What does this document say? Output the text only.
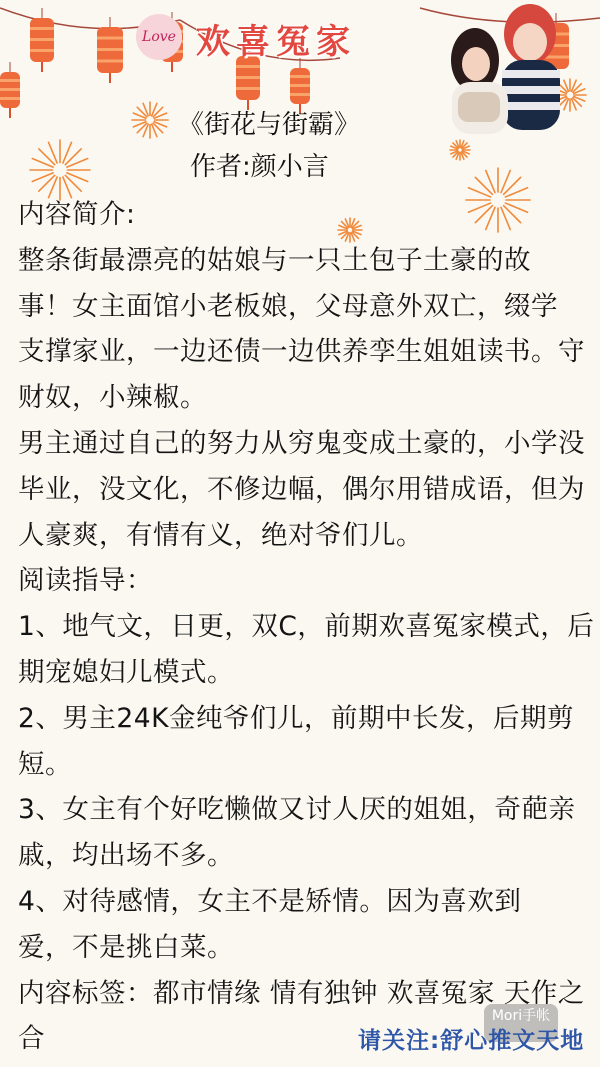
Love 欢喜冤家
《街花与街霸》
作者:颜小言
内容简介:
整条街最漂亮的姑娘与一只土包子土豪的故
事！女主面馆小老板娘，父母意外双亡，缀学
支撑家业，一边还债一边供养孪生姐姐读书。守
财奴，小辣椒。
男主通过自己的努力从穷鬼变成土豪的，小学没
毕业，没文化，不修边幅，偶尔用错成语，但为
人豪爽，有情有义，绝对爷们儿。
阅读指导：
1、地气文，日更，双C，前期欢喜冤家模式，后
期宠媳妇儿模式。
2、男主24K金纯爷们儿，前期中长发，后期剪
短。
3、女主有个好吃懒做又讨人厌的姐姐，奇葩亲
戚，均出场不多。
4、对待感情，女主不是矫情。因为喜欢到
爱，不是挑白菜。
内容标签：都市情缘 情有独钟 欢喜冤家 天作之
合
Mori手帐
请关注:舒心推文天地
